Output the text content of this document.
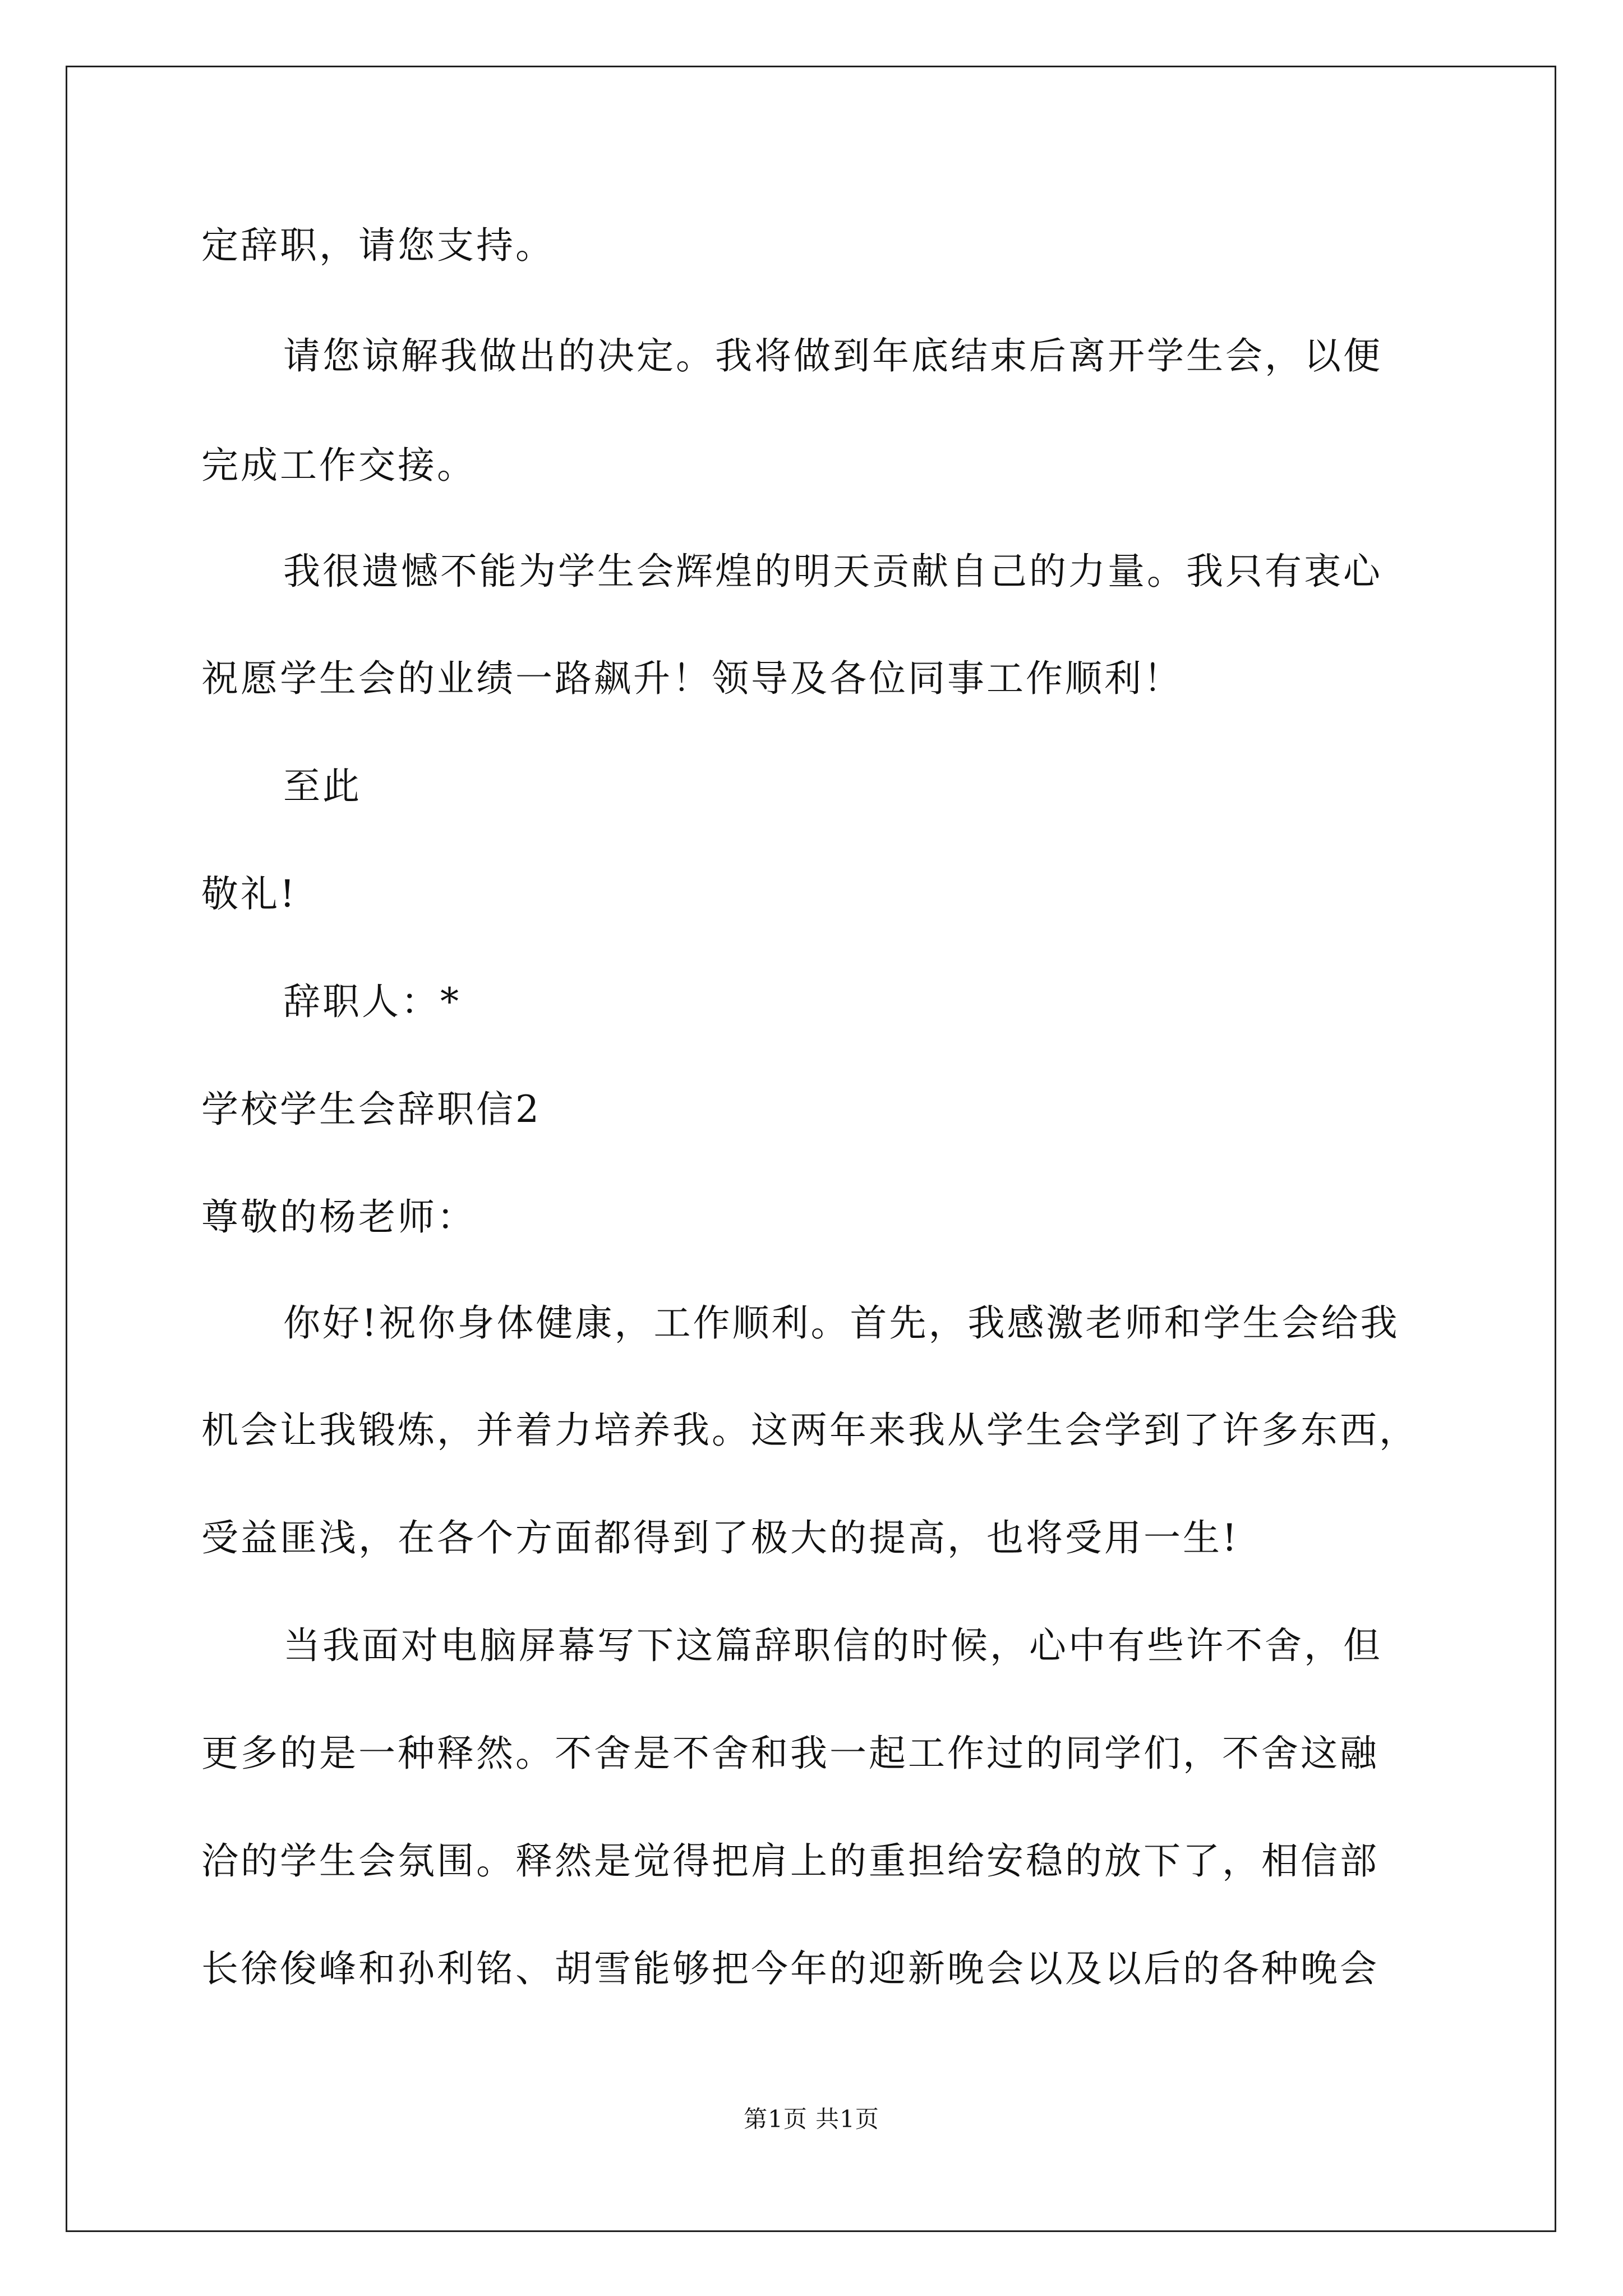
定辞职，请您支持。
请您谅解我做出的决定。我将做到年底结束后离开学生会，以便
完成工作交接。
我很遗憾不能为学生会辉煌的明天贡献自己的力量。我只有衷心
祝愿学生会的业绩一路飙升！领导及各位同事工作顺利！
至此
敬礼!
辞职人：*
学校学生会辞职信2
尊敬的杨老师：
你好!祝你身体健康，工作顺利。首先，我感激老师和学生会给我
机会让我锻炼，并着力培养我。这两年来我从学生会学到了许多东西，
受益匪浅，在各个方面都得到了极大的提高，也将受用一生!
当我面对电脑屏幕写下这篇辞职信的时候，心中有些许不舍，但
更多的是一种释然。不舍是不舍和我一起工作过的同学们，不舍这融
洽的学生会氛围。释然是觉得把肩上的重担给安稳的放下了，相信部
长徐俊峰和孙利铭、胡雪能够把今年的迎新晚会以及以后的各种晚会
第1页 共1页
